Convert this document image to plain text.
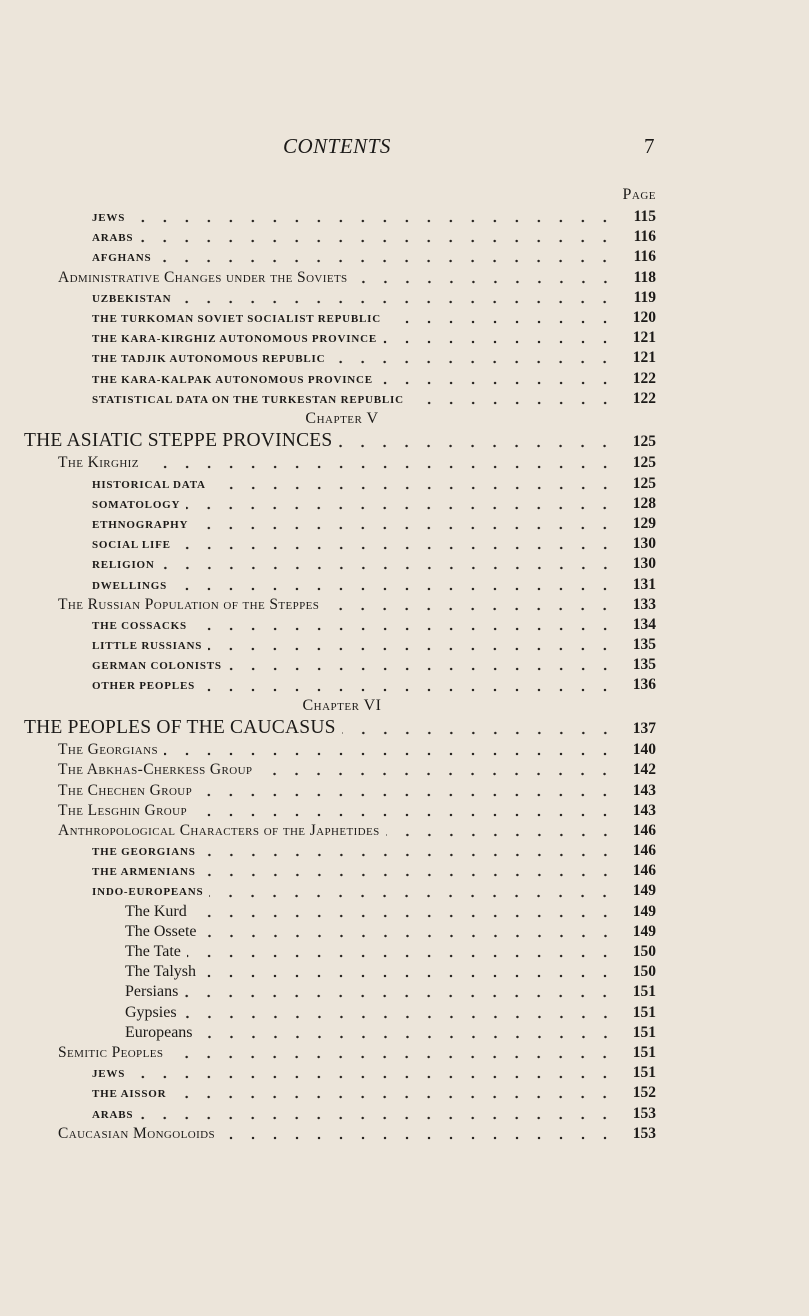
CONTENTS	7
Page
JEWS	115
ARABS	116
AFGHANS	116
Administrative Changes under the Soviets	118
UZBEKISTAN	119
THE TURKOMAN SOVIET SOCIALIST REPUBLIC	120
THE KARA-KIRGHIZ AUTONOMOUS PROVINCE	121
THE TADJIK AUTONOMOUS REPUBLIC	121
THE KARA-KALPAK AUTONOMOUS PROVINCE	122
STATISTICAL DATA ON THE TURKESTAN REPUBLIC	122
Chapter V
THE ASIATIC STEPPE PROVINCES	125
The Kirghiz	125
HISTORICAL DATA	125
SOMATOLOGY	128
ETHNOGRAPHY	129
SOCIAL LIFE	130
RELIGION	130
DWELLINGS	131
The Russian Population of the Steppes	133
THE COSSACKS	134
LITTLE RUSSIANS	135
GERMAN COLONISTS	135
OTHER PEOPLES	136
Chapter VI
THE PEOPLES OF THE CAUCASUS	137
The Georgians	140
The Abkhas-Cherkess Group	142
The Chechen Group	143
The Lesghin Group	143
Anthropological Characters of the Japhetides	146
THE GEORGIANS	146
THE ARMENIANS	146
INDO-EUROPEANS	149
The Kurd	149
The Ossete	149
The Tate	150
The Talysh	150
Persians	151
Gypsies	151
Europeans	151
Semitic Peoples	151
JEWS	151
THE AISSOR	152
ARABS	153
Caucasian Mongoloids	153
